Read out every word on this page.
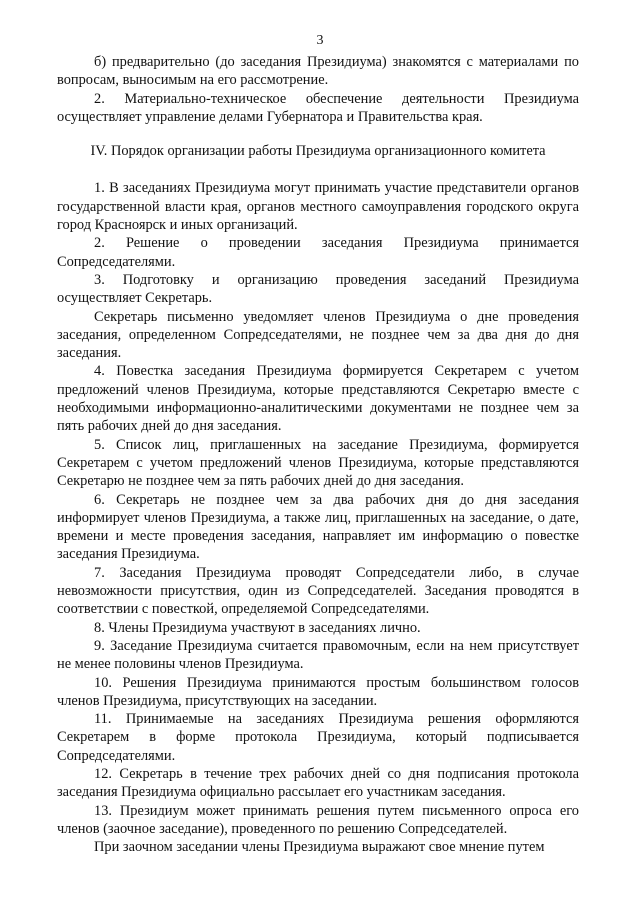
3

б) предварительно (до заседания Президиума) знакомятся с материалами по вопросам, выносимым на его рассмотрение.

2. Материально-техническое обеспечение деятельности Президиума осуществляет управление делами Губернатора и Правительства края.

IV. Порядок организации работы Президиума организационного комитета

1. В заседаниях Президиума могут принимать участие представители органов государственной власти края, органов местного самоуправления городского округа город Красноярск и иных организаций.

2. Решение о проведении заседания Президиума принимается Сопредседателями.

3. Подготовку и организацию проведения заседаний Президиума осуществляет Секретарь.

Секретарь письменно уведомляет членов Президиума о дне проведения заседания, определенном Сопредседателями, не позднее чем за два дня до дня заседания.

4. Повестка заседания Президиума формируется Секретарем с учетом предложений членов Президиума, которые представляются Секретарю вместе с необходимыми информационно-аналитическими документами не позднее чем за пять рабочих дней до дня заседания.

5. Список лиц, приглашенных на заседание Президиума, формируется Секретарем с учетом предложений членов Президиума, которые представляются Секретарю не позднее чем за пять рабочих дней до дня заседания.

6. Секретарь не позднее чем за два рабочих дня до дня заседания информирует членов Президиума, а также лиц, приглашенных на заседание, о дате, времени и месте проведения заседания, направляет им информацию о повестке заседания Президиума.

7. Заседания Президиума проводят Сопредседатели либо, в случае невозможности присутствия, один из Сопредседателей. Заседания проводятся в соответствии с повесткой, определяемой Сопредседателями.

8. Члены Президиума участвуют в заседаниях лично.

9. Заседание Президиума считается правомочным, если на нем присутствует не менее половины членов Президиума.

10. Решения Президиума принимаются простым большинством голосов членов Президиума, присутствующих на заседании.

11. Принимаемые на заседаниях Президиума решения оформляются Секретарем в форме протокола Президиума, который подписывается Сопредседателями.

12. Секретарь в течение трех рабочих дней со дня подписания протокола заседания Президиума официально рассылает его участникам заседания.

13. Президиум может принимать решения путем письменного опроса его членов (заочное заседание), проведенного по решению Сопредседателей.

При заочном заседании члены Президиума выражают свое мнение путем
